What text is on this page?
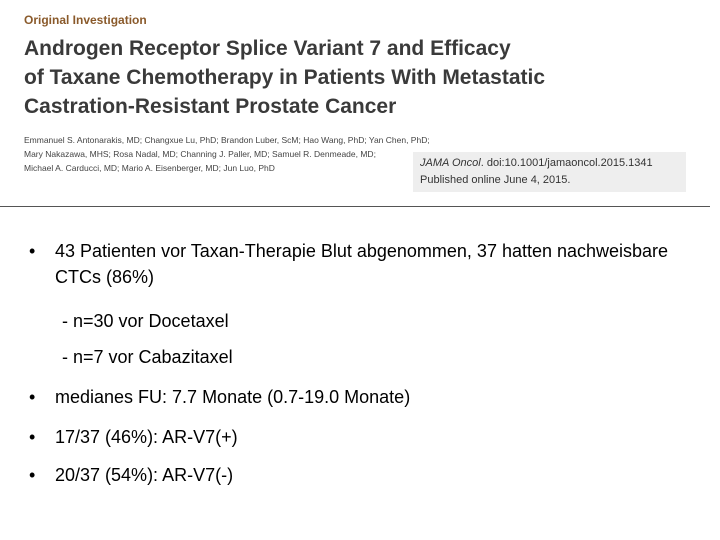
Original Investigation
Androgen Receptor Splice Variant 7 and Efficacy
of Taxane Chemotherapy in Patients With Metastatic
Castration-Resistant Prostate Cancer
Emmanuel S. Antonarakis, MD; Changxue Lu, PhD; Brandon Luber, ScM; Hao Wang, PhD; Yan Chen, PhD;
Mary Nakazawa, MHS; Rosa Nadal, MD; Channing J. Paller, MD; Samuel R. Denmeade, MD;
Michael A. Carducci, MD; Mario A. Eisenberger, MD; Jun Luo, PhD	JAMA Oncol. doi:10.1001/jamaoncol.2015.1341
Published online June 4, 2015.
•	43 Patienten vor Taxan-Therapie Blut abgenommen, 37 hatten nachweisbare CTCs (86%)
- n=30 vor Docetaxel
- n=7 vor Cabazitaxel
•	medianes FU: 7.7 Monate (0.7-19.0 Monate)
•	17/37 (46%): AR-V7(+)
•	20/37 (54%): AR-V7(-)
